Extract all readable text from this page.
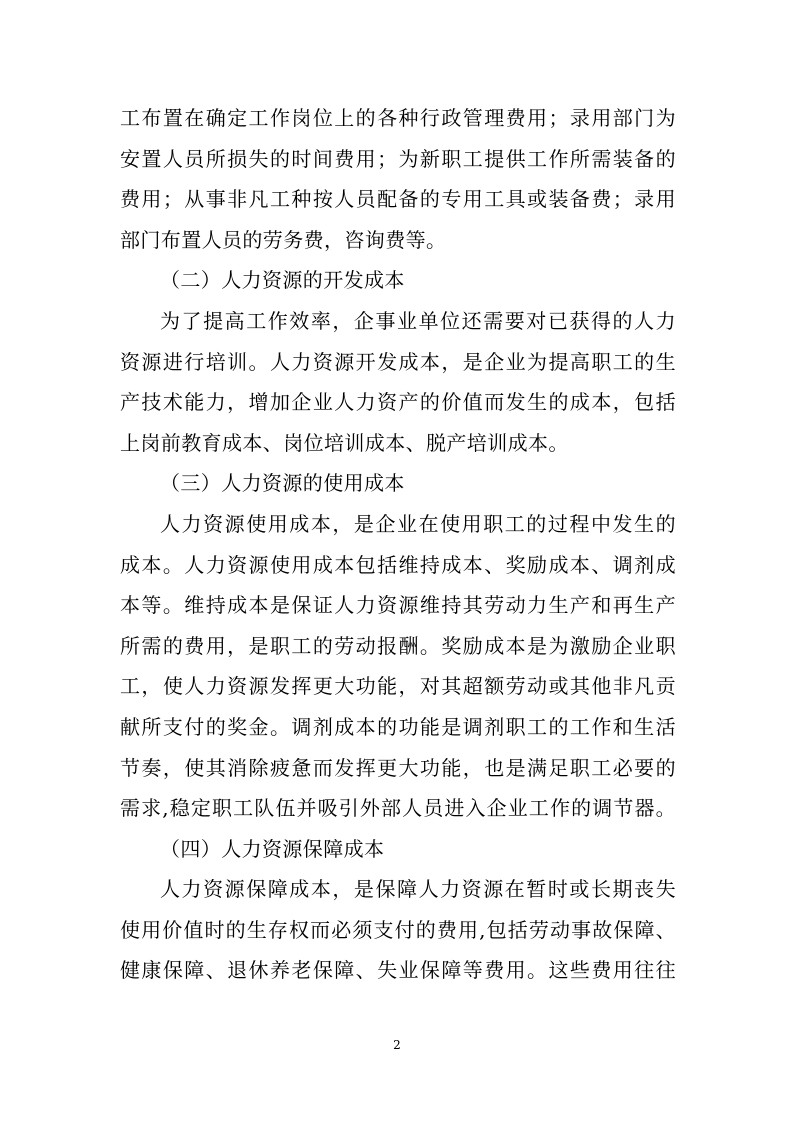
工布置在确定工作岗位上的各种行政管理费用；录用部门为
安置人员所损失的时间费用；为新职工提供工作所需装备的
费用；从事非凡工种按人员配备的专用工具或装备费；录用
部门布置人员的劳务费，咨询费等。
（二）人力资源的开发成本
为了提高工作效率，企事业单位还需要对已获得的人力
资源进行培训。人力资源开发成本，是企业为提高职工的生
产技术能力，增加企业人力资产的价值而发生的成本，包括
上岗前教育成本、岗位培训成本、脱产培训成本。
（三）人力资源的使用成本
人力资源使用成本，是企业在使用职工的过程中发生的
成本。人力资源使用成本包括维持成本、奖励成本、调剂成
本等。维持成本是保证人力资源维持其劳动力生产和再生产
所需的费用，是职工的劳动报酬。奖励成本是为激励企业职
工，使人力资源发挥更大功能，对其超额劳动或其他非凡贡
献所支付的奖金。调剂成本的功能是调剂职工的工作和生活
节奏，使其消除疲惫而发挥更大功能，也是满足职工必要的
需求,稳定职工队伍并吸引外部人员进入企业工作的调节器。
（四）人力资源保障成本
人力资源保障成本，是保障人力资源在暂时或长期丧失
使用价值时的生存权而必须支付的费用,包括劳动事故保障、
健康保障、退休养老保障、失业保障等费用。这些费用往往
2
